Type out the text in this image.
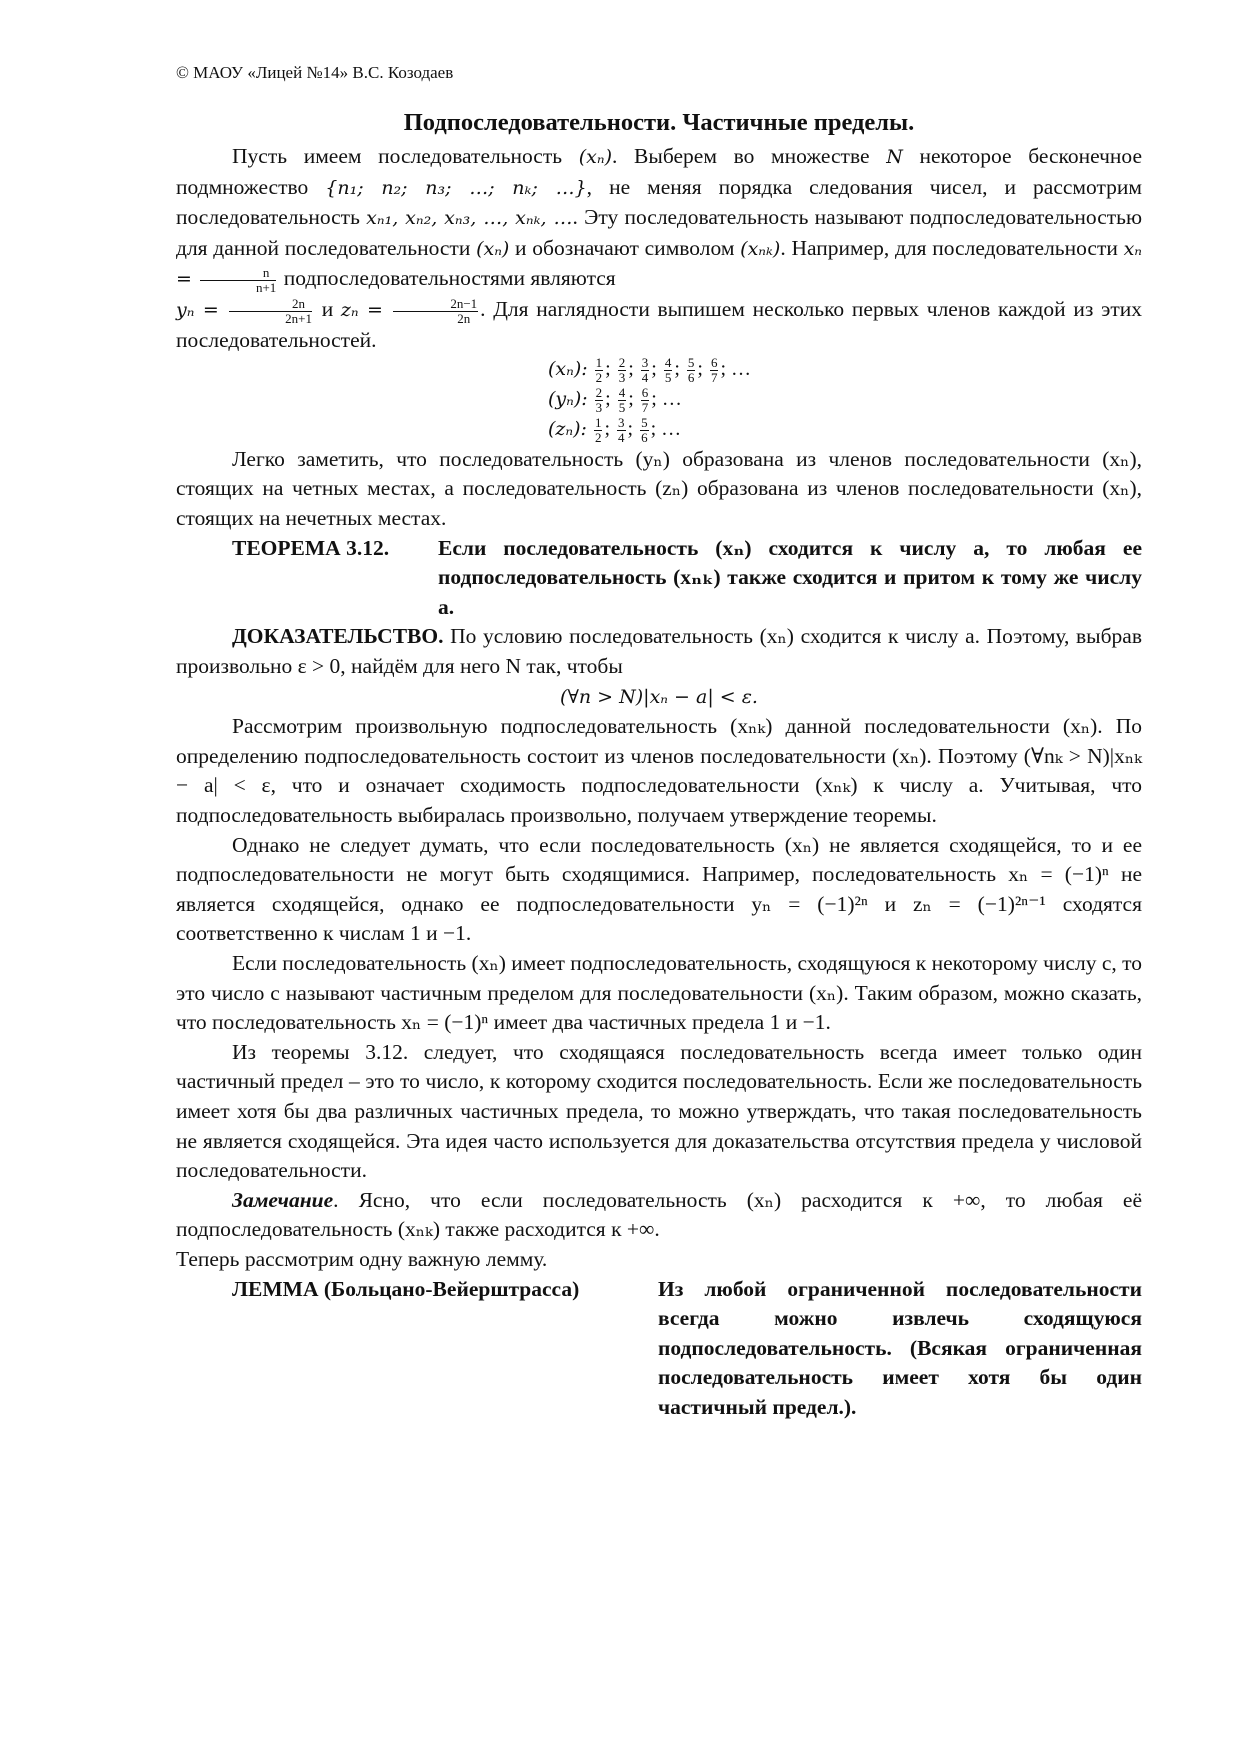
© МАОУ «Лицей №14» В.С. Козодаев
Подпоследовательности. Частичные пределы.

Пусть имеем последовательность (xₙ). Выберем во множестве N некоторое бесконечное подмножество {n₁; n₂; n₃; …; nₖ; …}, не меняя порядка следования чисел, и рассмотрим последовательность xₙ₁, xₙ₂, xₙ₃, …, xₙₖ, …. Эту последовательность называют подпоследовательностью для данной последовательности (xₙ) и обозначают символом (xₙₖ). Например, для последовательности $x_n = \frac{n}{n+1}$ подпоследовательностями являются
$y_n = \frac{2n}{2n+1}$ и $z_n = \frac{2n-1}{2n}$ . Для наглядности выпишем несколько первых членов каждой из этих последовательностей.

(xₙ): $\frac{1}{2}$ ; $\frac{2}{3}$ ; $\frac{3}{4}$ ; $\frac{4}{5}$ ; $\frac{5}{6}$ ; $\frac{6}{7}$ ; …
(yₙ): $\frac{2}{3}$ ; $\frac{4}{5}$ ; $\frac{6}{7}$ ; …
(zₙ): $\frac{1}{2}$ ; $\frac{3}{4}$ ; $\frac{5}{6}$ ; …

Легко заметить, что последовательность (yₙ) образована из членов последовательности (xₙ), стоящих на четных местах, а последовательность (zₙ) образована из членов последовательности (xₙ), стоящих на нечетных местах.

ТЕОРЕМА 3.12.	Если последовательность (xₙ) сходится к числу a, то любая ее подпоследовательность (xₙₖ) также сходится и притом к тому же числу a.

ДОКАЗАТЕЛЬСТВО. По условию последовательность (xₙ) сходится к числу a. Поэтому, выбрав произвольно ε > 0, найдём для него N так, чтобы

(∀n > N)|xₙ − a| < ε.

Рассмотрим произвольную подпоследовательность (xₙₖ) данной последовательности (xₙ). По определению подпоследовательность состоит из членов последовательности (xₙ). Поэтому (∀nₖ > N)|xₙₖ − a| < ε, что и означает сходимость подпоследовательности (xₙₖ) к числу a. Учитывая, что подпоследовательность выбиралась произвольно, получаем утверждение теоремы.

Однако не следует думать, что если последовательность (xₙ) не является сходящейся, то и ее подпоследовательности не могут быть сходящимися. Например, последовательность xₙ = (−1)ⁿ не является сходящейся, однако ее подпоследовательности yₙ = (−1)²ⁿ и zₙ = (−1)²ⁿ⁻¹ сходятся соответственно к числам 1 и −1.

Если последовательность (xₙ) имеет подпоследовательность, сходящуюся к некоторому числу c, то это число c называют частичным пределом для последовательности (xₙ). Таким образом, можно сказать, что последовательность xₙ = (−1)ⁿ имеет два частичных предела 1 и −1.

Из теоремы 3.12. следует, что сходящаяся последовательность всегда имеет только один частичный предел – это то число, к которому сходится последовательность. Если же последовательность имеет хотя бы два различных частичных предела, то можно утверждать, что такая последовательность не является сходящейся. Эта идея часто используется для доказательства отсутствия предела у числовой последовательности.

Замечание. Ясно, что если последовательность (xₙ) расходится к +∞, то любая её подпоследовательность (xₙₖ) также расходится к +∞.

Теперь рассмотрим одну важную лемму.

ЛЕММА (Больцано-Вейерштрасса)	Из любой ограниченной последовательности всегда можно извлечь сходящуюся подпоследовательность. (Всякая ограниченная последовательность имеет хотя бы один частичный предел.).
